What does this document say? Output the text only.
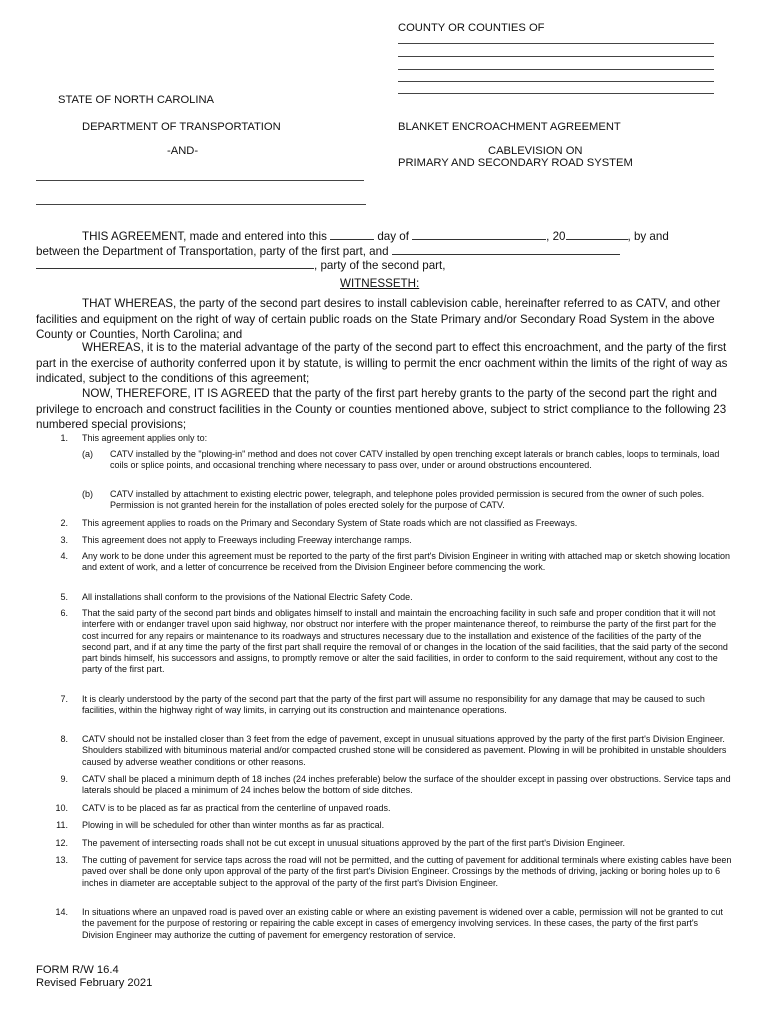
COUNTY OR COUNTIES OF
STATE OF NORTH CAROLINA
DEPARTMENT OF TRANSPORTATION
-AND-
BLANKET ENCROACHMENT AGREEMENT
CABLEVISION ON
PRIMARY AND SECONDARY ROAD SYSTEM
THIS AGREEMENT, made and entered into this	day of	, 20	, by and
between the Department of Transportation, party of the first part, and
, party of the second part,
WITNESSETH:
THAT WHEREAS, the party of the second part desires to install cablevision cable, hereinafter referred to as CATV, and other facilities and equipment on the right of way of certain public roads on the State Primary and/or Secondary Road System in the above County or Counties, North Carolina; and
WHEREAS, it is to the material advantage of the party of the second part to effect this encroachment, and the party of the first part in the exercise of authority conferred upon it by statute, is willing to permit the encr oachment within the limits of the right of way as indicated, subject to the conditions of this agreement;
NOW, THEREFORE, IT IS AGREED that the party of the first part hereby grants to the party of the second part the right and privilege to encroach and construct facilities in the County or counties mentioned above, subject to strict compliance to the following 23 numbered special provisions;
1. This agreement applies only to:
(a) CATV installed by the "plowing-in" method and does not cover CATV installed by open trenching except laterals or branch cables, loops to terminals, load coils or splice points, and occasional trenching where necessary to pass over, under or around obstructions encountered.
(b) CATV installed by attachment to existing electric power, telegraph, and telephone poles provided permission is secured from the owner of such poles. Permission is not granted herein for the installation of poles erected solely for the purpose of CATV.
2. This agreement applies to roads on the Primary and Secondary System of State roads which are not classified as Freeways.
3. This agreement does not apply to Freeways including Freeway interchange ramps.
4. Any work to be done under this agreement must be reported to the party of the first part's Division Engineer in writing with attached map or sketch showing location and extent of work, and a letter of concurrence be received from the Division Engineer before commencing the work.
5. All installations shall conform to the provisions of the National Electric Safety Code.
6. That the said party of the second part binds and obligates himself to install and maintain the encroaching facility in such safe and proper condition that it will not interfere with or endanger travel upon said highway, nor obstruct nor interfere with the proper maintenance thereof, to reimburse the party of the first part for the cost incurred for any repairs or maintenance to its roadways and structures necessary due to the installation and existence of the facilities of the party of the second part, and if at any time the party of the first part shall require the removal of or changes in the location of the said facilities, that the said party of the second part binds himself, his successors and assigns, to promptly remove or alter the said facilities, in order to conform to the said requirement, without any cost to the party of the first part.
7. It is clearly understood by the party of the second part that the party of the first part will assume no responsibility for any damage that may be caused to such facilities, within the highway right of way limits, in carrying out its construction and maintenance operations.
8. CATV should not be installed closer than 3 feet from the edge of pavement, except in unusual situations approved by the party of the first part's Division Engineer. Shoulders stabilized with bituminous material and/or compacted crushed stone will be considered as pavement. Plowing in will be prohibited in unstable shoulders caused by adverse weather conditions or other reasons.
9. CATV shall be placed a minimum depth of 18 inches (24 inches preferable) below the surface of the shoulder except in passing over obstructions. Service taps and laterals should be placed a minimum of 24 inches below the bottom of side ditches.
10. CATV is to be placed as far as practical from the centerline of unpaved roads.
11. Plowing in will be scheduled for other than winter months as far as practical.
12. The pavement of intersecting roads shall not be cut except in unusual situations approved by the part of the first part's Division Engineer.
13. The cutting of pavement for service taps across the road will not be permitted, and the cutting of pavement for additional terminals where existing cables have been paved over shall be done only upon approval of the party of the first part's Division Engineer. Crossings by the methods of driving, jacking or boring holes up to 6 inches in diameter are acceptable subject to the approval of the party of the first part's Division Engineer.
14. In situations where an unpaved road is paved over an existing cable or where an existing pavement is widened over a cable, permission will not be granted to cut the pavement for the purpose of restoring or repairing the cable except in cases of emergency involving services. In these cases, the party of the first part's Division Engineer may authorize the cutting of pavement for emergency restoration of service.
FORM R/W 16.4
Revised February 2021
